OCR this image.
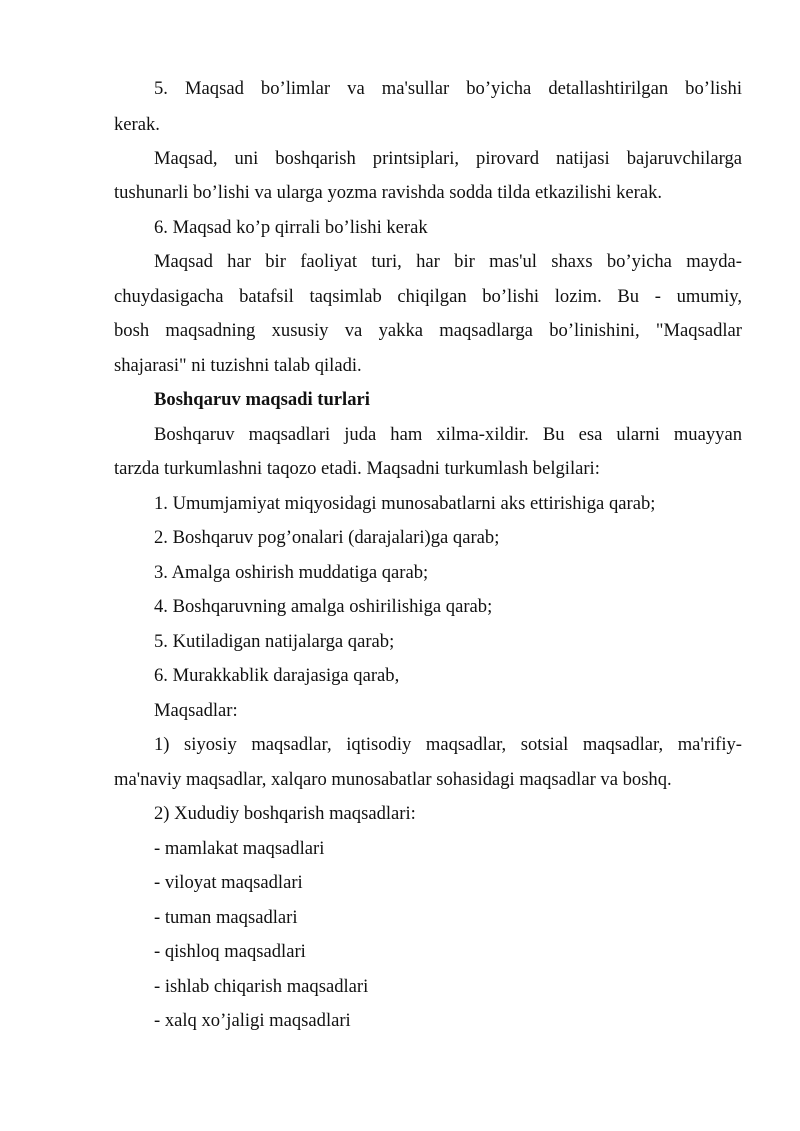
5. Maqsad bo’limlar va ma'sullar bo’yicha detallashtirilgan bo’lishi
kerak.
Maqsad, uni boshqarish printsiplari, pirovard natijasi bajaruvchilarga
tushunarli bo’lishi va ularga yozma ravishda sodda tilda etkazilishi kerak.
6. Maqsad ko’p qirrali bo’lishi kerak
Maqsad har bir faoliyat turi, har bir mas'ul shaxs bo’yicha mayda-
chuydasigacha batafsil taqsimlab chiqilgan bo’lishi lozim. Bu - umumiy,
bosh maqsadning xususiy va yakka maqsadlarga bo’linishini, "Maqsadlar
shajarasi" ni tuzishni talab qiladi.
Boshqaruv maqsadi turlari
Boshqaruv maqsadlari juda ham xilma-xildir. Bu esa ularni muayyan
tarzda turkumlashni taqozo etadi. Maqsadni turkumlash belgilari:
1. Umumjamiyat miqyosidagi munosabatlarni aks ettirishiga qarab;
2. Boshqaruv pog’onalari (darajalari)ga qarab;
3. Amalga oshirish muddatiga qarab;
4. Boshqaruvning amalga oshirilishiga qarab;
5. Kutiladigan natijalarga qarab;
6. Murakkablik darajasiga qarab,
Maqsadlar:
1) siyosiy maqsadlar, iqtisodiy maqsadlar, sotsial maqsadlar, ma'rifiy-
ma'naviy maqsadlar, xalqaro munosabatlar sohasidagi maqsadlar va boshq.
2) Xududiy boshqarish maqsadlari:
- mamlakat maqsadlari
- viloyat maqsadlari
- tuman maqsadlari
- qishloq maqsadlari
- ishlab chiqarish maqsadlari
- xalq xo’jaligi maqsadlari
